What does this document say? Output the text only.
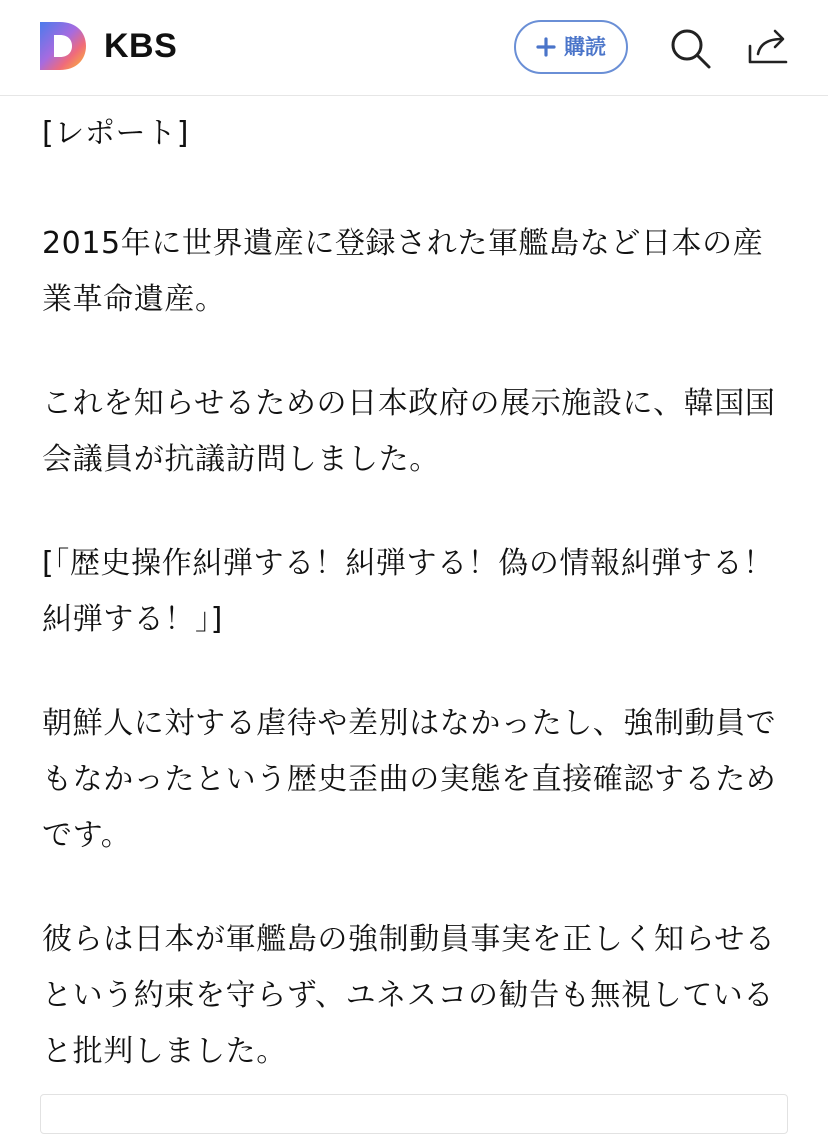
KBS	購読

[レポート]

2015年に世界遺産に登録された軍艦島など日本の産業革命遺産。

これを知らせるための日本政府の展示施設に、韓国国会議員が抗議訪問しました。

[「歴史操作糾弾する！糾弾する！偽の情報糾弾する！糾弾する！」]

朝鮮人に対する虐待や差別はなかったし、強制動員でもなかったという歴史歪曲の実態を直接確認するためです。

彼らは日本が軍艦島の強制動員事実を正しく知らせるという約束を守らず、ユネスコの勧告も無視していると批判しました。
